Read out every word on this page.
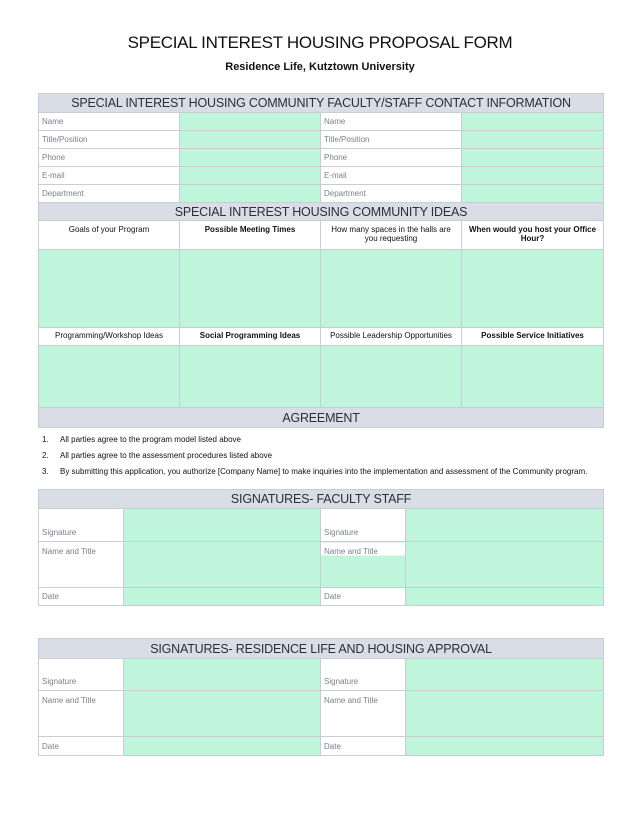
SPECIAL INTEREST HOUSING PROPOSAL FORM
Residence Life, Kutztown University
SPECIAL INTEREST HOUSING COMMUNITY FACULTY/STAFF CONTACT INFORMATION			
Name		Name	
Title/Position		Title/Position	
Phone		Phone	
E-mail		E-mail	
Department		Department	
SPECIAL INTEREST HOUSING COMMUNITY IDEAS			
Goals of your Program	Possible Meeting Times	How many spaces in the halls are you requesting	When would you host your Office Hour?

Programming/Workshop Ideas	Social Programming Ideas	Possible Leadership Opportunities	Possible Service Initiatives

AGREEMENT			
1.	All parties agree to the program model listed above
2.	All parties agree to the assessment procedures listed above
3.	By submitting this application, you authorize [Company Name] to make inquiries into the implementation and assessment of the Community program.
SIGNATURES- FACULTY STAFF			
Signature		Signature	
Name and Title		Name and Title	
Date		Date	
SIGNATURES- RESIDENCE LIFE AND HOUSING APPROVAL			
Signature		Signature	
Name and Title		Name and Title	
Date		Date	
